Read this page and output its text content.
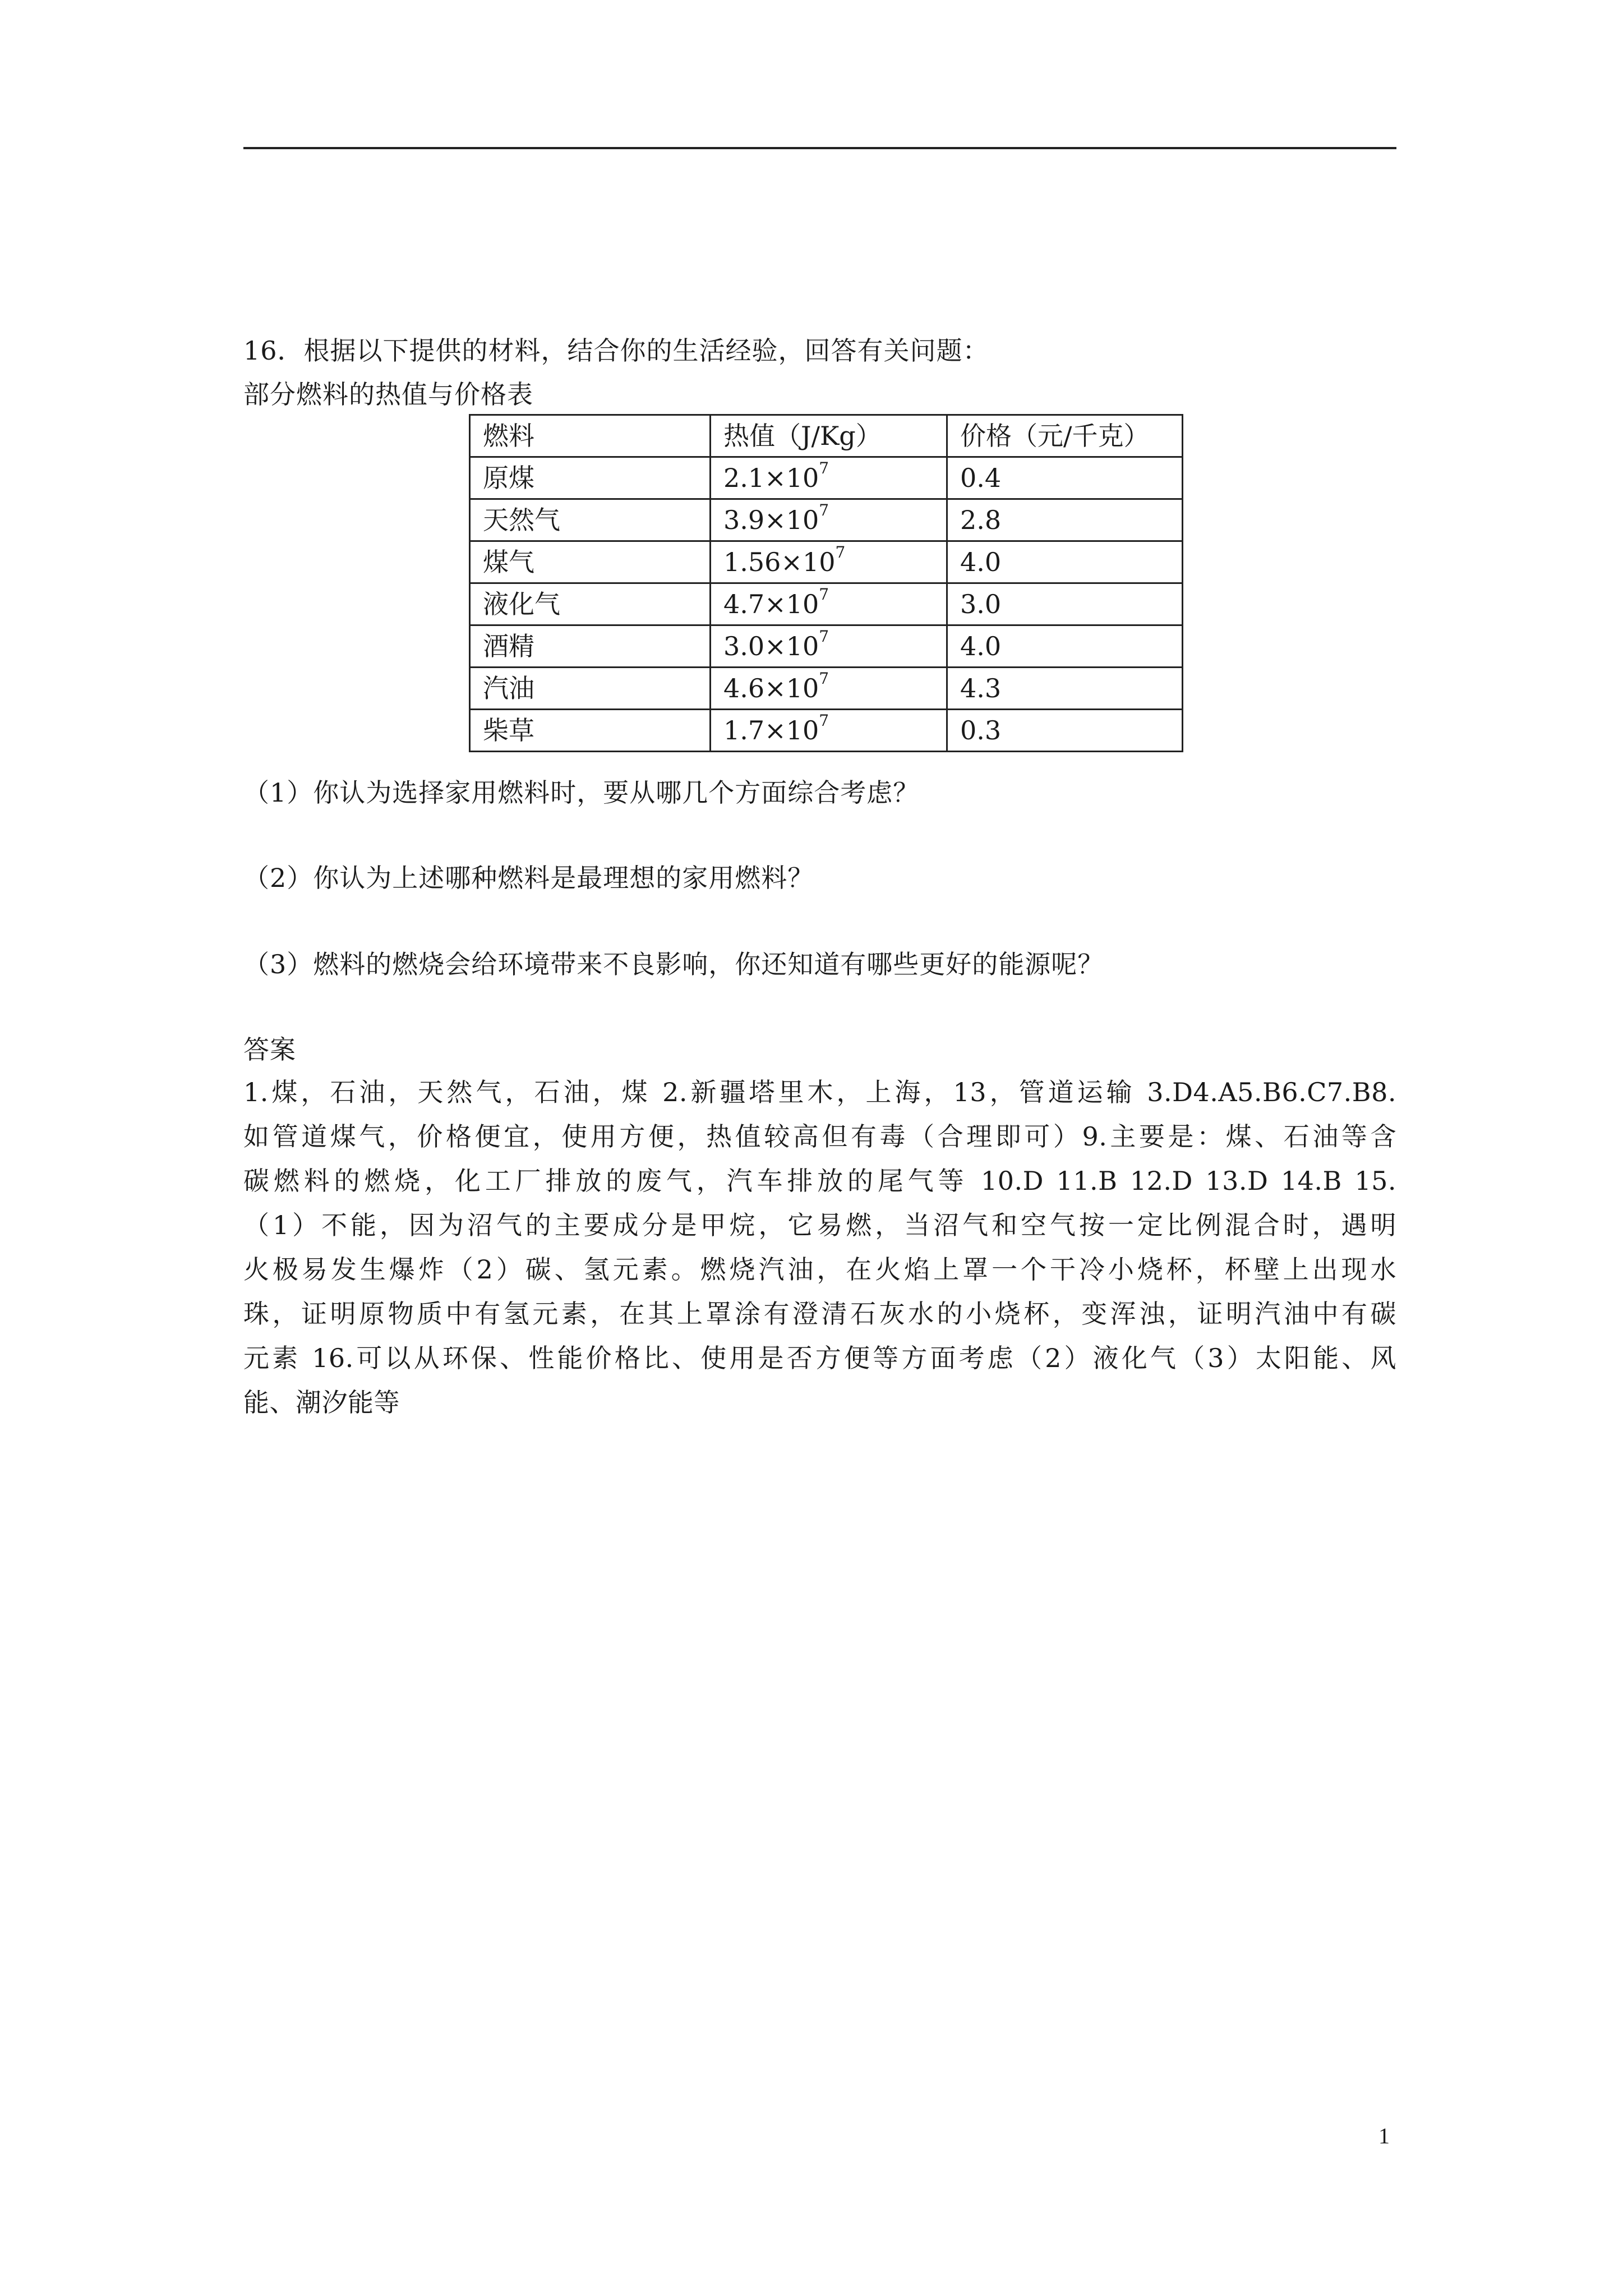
16．根据以下提供的材料，结合你的生活经验，回答有关问题：
部分燃料的热值与价格表
燃料	热值（J/Kg）	价格（元/千克）
原煤	$2.1\times 10^7$	0.4
天然气	$3.9\times 10^7$	2.8
煤气	$1.56\times 10^7$	4.0
液化气	$4.7\times 10^7$	3.0
酒精	$3.0\times 10^7$	4.0
汽油	$4.6\times 10^7$	4.3
柴草	$1.7\times 10^7$	0.3
（1）你认为选择家用燃料时，要从哪几个方面综合考虑？
（2）你认为上述哪种燃料是最理想的家用燃料？
（3）燃料的燃烧会给环境带来不良影响，你还知道有哪些更好的能源呢？
答案
1.煤，石油，天然气，石油，煤 2.新疆塔里木，上海，13，管道运输 3.D4.A5.B6.C7.B8.
如管道煤气，价格便宜，使用方便，热值较高但有毒（合理即可）9.主要是：煤、石油等含
碳燃料的燃烧，化工厂排放的废气，汽车排放的尾气等 10.D 11.B 12.D 13.D 14.B 15.
（1）不能，因为沼气的主要成分是甲烷，它易燃，当沼气和空气按一定比例混合时，遇明
火极易发生爆炸（2）碳、氢元素。燃烧汽油，在火焰上罩一个干冷小烧杯，杯壁上出现水
珠，证明原物质中有氢元素，在其上罩涂有澄清石灰水的小烧杯，变浑浊，证明汽油中有碳
元素 16.可以从环保、性能价格比、使用是否方便等方面考虑（2）液化气（3）太阳能、风
能、潮汐能等
1
